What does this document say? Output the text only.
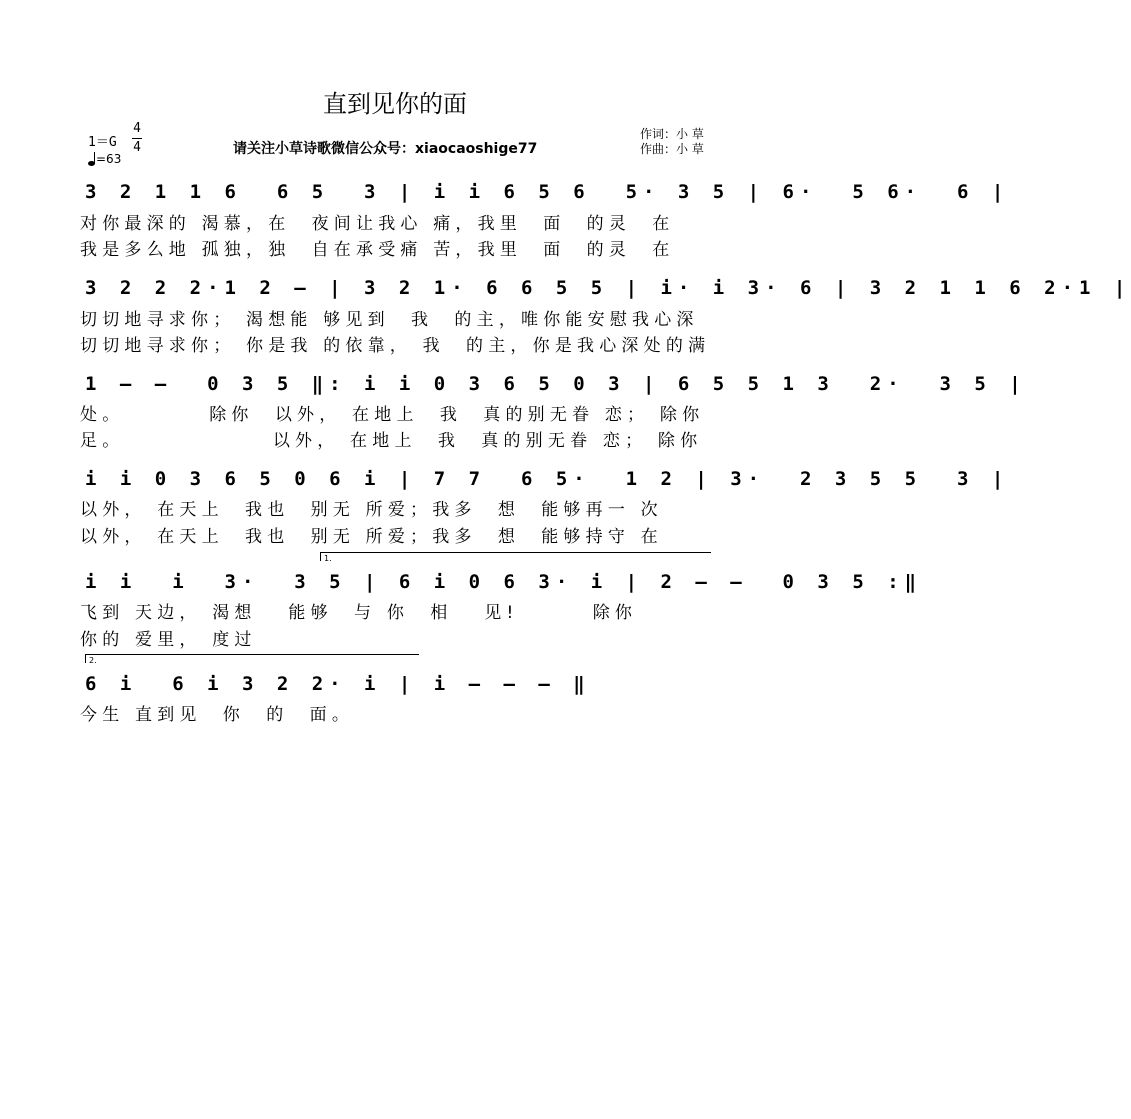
直到见你的面
1＝G
4
4
=63
请关注小草诗歌微信公众号：xiaocaoshige77
作词：小 草
作曲：小 草
3 2 1 1 6  6 5  3 | i i 6 5 6  5· 3 5 | 6·  5 6·  6 |
对你最深的 渴慕，在  夜间让我心 痛，我里  面  的灵  在
我是多么地 孤独，独  自在承受痛 苦，我里  面  的灵  在
3 2 2 2·1 2 – | 3 2 1· 6 6 5 5 | i· i 3· 6 | 3 2 1 1 6 2·1 |
切切地寻求你； 渴想能 够见到  我  的主，唯你能安慰我心深
切切地寻求你； 你是我 的依靠， 我  的主，你是我心深处的满
1 – –  0 3 5 ‖: i i 0 3 6 5 0 3 | 6 5 5 1 3  2·  3 5 |
处。        除你  以外， 在地上  我  真的别无眷 恋； 除你
足。              以外， 在地上  我  真的别无眷 恋； 除你
i i 0 3 6 5 0 6 i | 7 7  6 5·  1 2 | 3·  2 3 5 5  3 |
以外， 在天上  我也  别无 所爱；我多  想  能够再一 次
以外， 在天上  我也  别无 所爱；我多  想  能够持守 在
1.
i i  i  3·  3 5 | 6 i 0 6 3· i | 2 – –  0 3 5 :‖
飞到 天边， 渴想   能够  与 你  相   见!       除你
你的 爱里， 度过
2.
6 i  6 i 3 2 2· i | i – – – ‖
今生 直到见  你  的  面。
